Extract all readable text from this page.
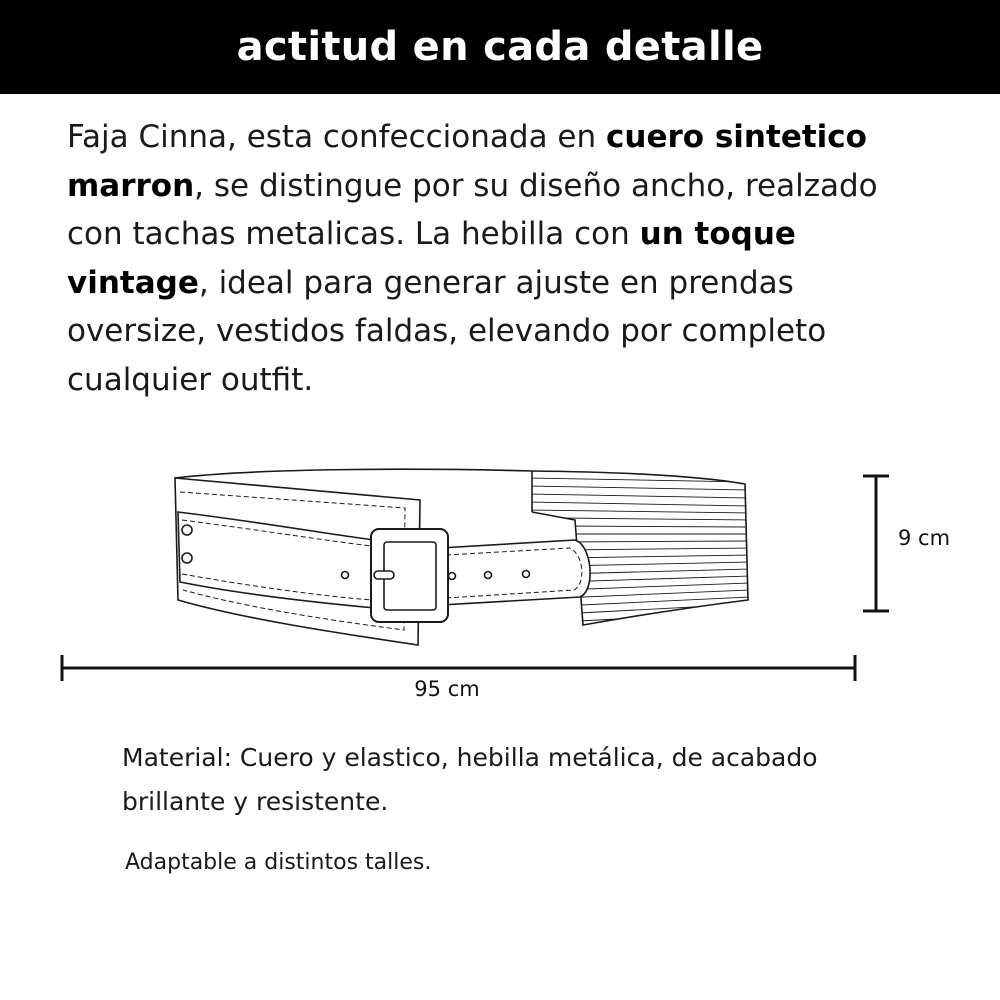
actitud en cada detalle

Faja Cinna, esta confeccionada en cuero sintetico marron, se distingue por su diseño ancho, realzado con tachas metalicas. La hebilla con un toque vintage, ideal para generar ajuste en prendas oversize, vestidos faldas, elevando por completo cualquier outfit.

9 cm
95 cm

Material: Cuero y elastico, hebilla metálica, de acabado brillante y resistente.

Adaptable a distintos talles.
